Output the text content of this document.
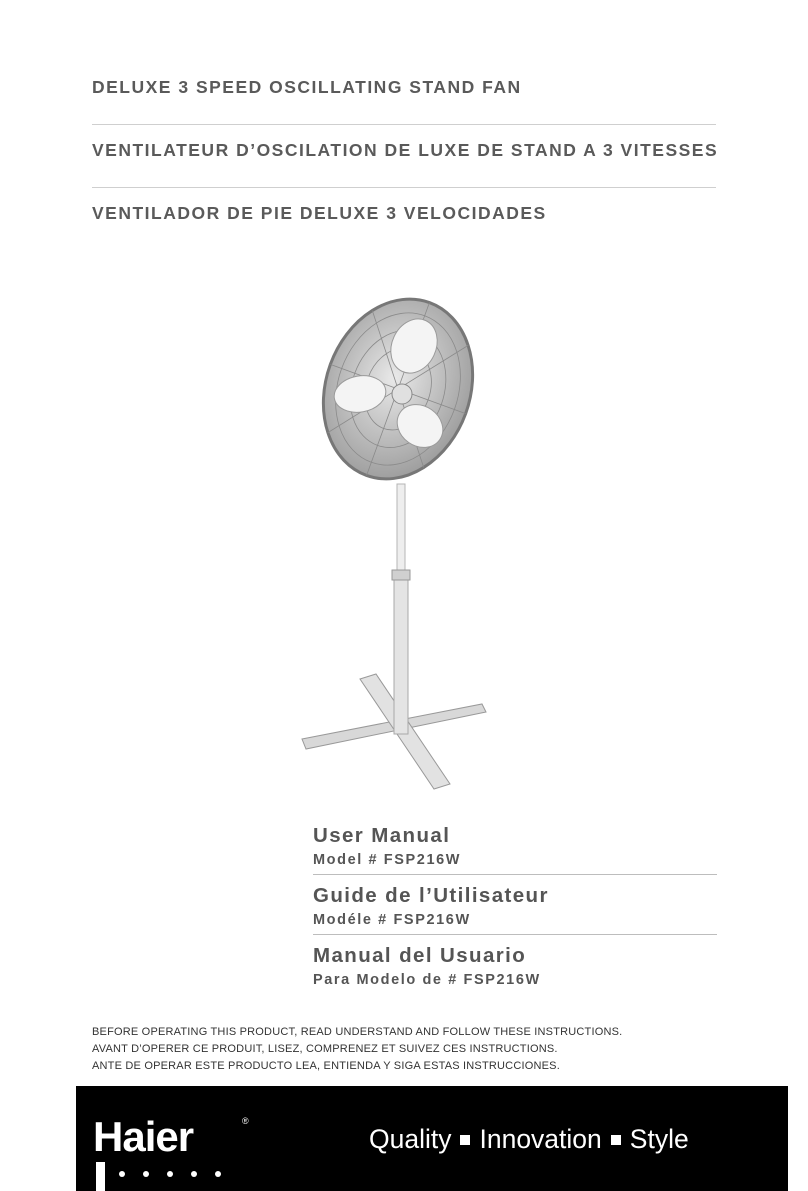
DELUXE 3 SPEED OSCILLATING STAND FAN
VENTILATEUR D’OSCILATION DE LUXE DE STAND A 3 VITESSES
VENTILADOR DE PIE DELUXE 3 VELOCIDADES
User Manual
Model # FSP216W
Guide de l’Utilisateur
Modéle # FSP216W
Manual del Usuario
Para Modelo de # FSP216W
BEFORE OPERATING THIS PRODUCT, READ UNDERSTAND AND FOLLOW THESE INSTRUCTIONS.
AVANT D’OPERER CE PRODUIT, LISEZ, COMPRENEZ ET SUIVEZ CES INSTRUCTIONS.
ANTE DE OPERAR ESTE PRODUCTO LEA, ENTIENDA Y SIGA ESTAS INSTRUCCIONES.
Haier	®
Quality Innovation Style
